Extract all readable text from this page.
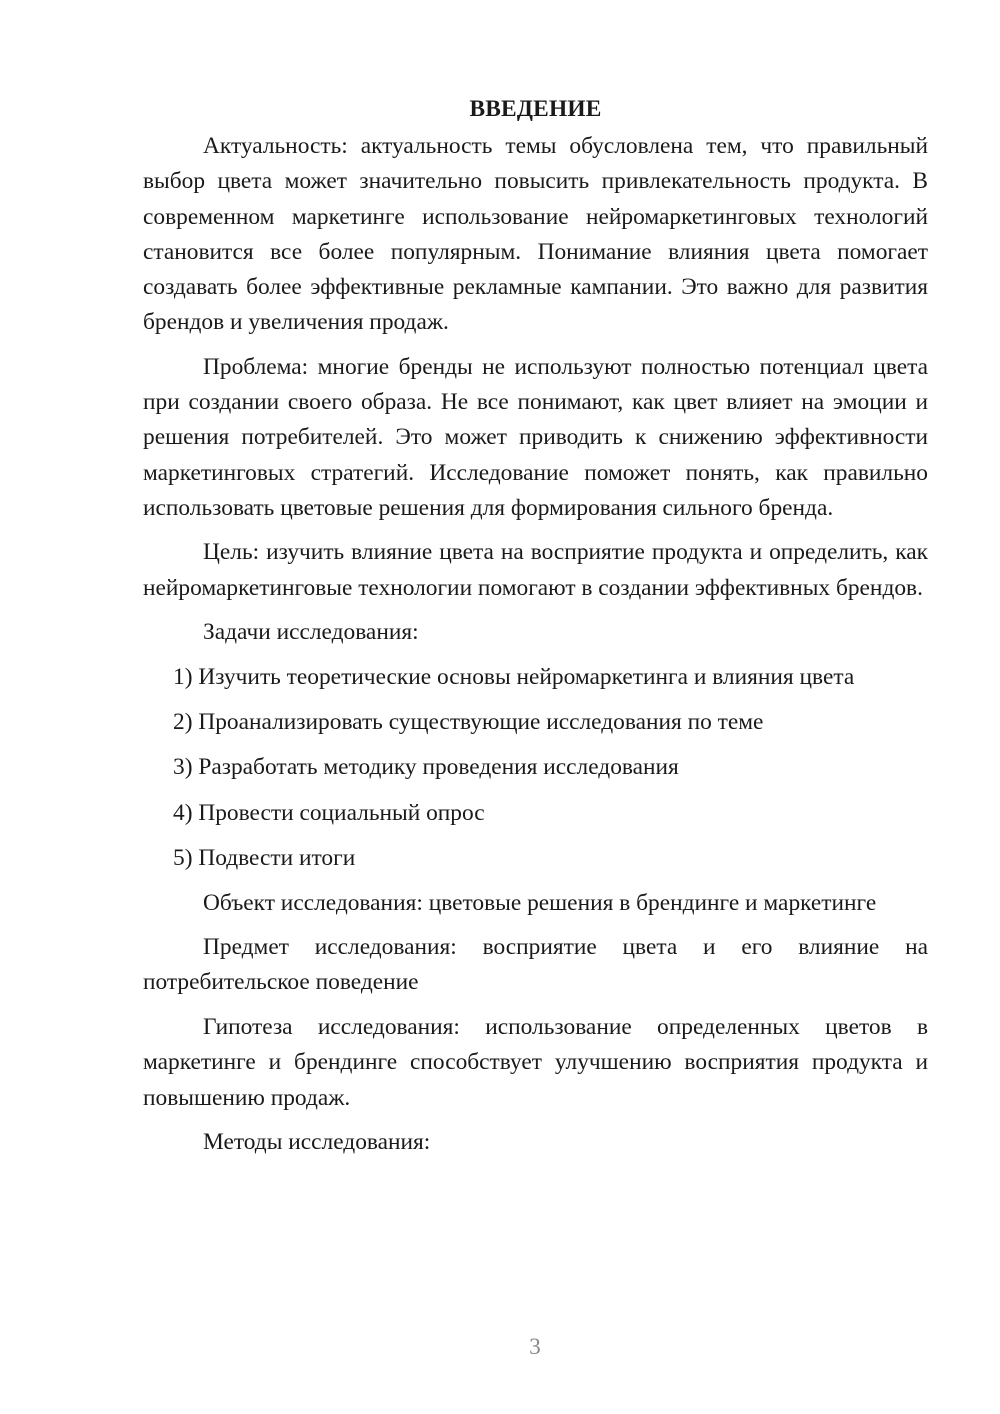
ВВЕДЕНИЕ

Актуальность: актуальность темы обусловлена тем, что правильный выбор цвета может значительно повысить привлекательность продукта. В современном маркетинге использование нейромаркетинговых технологий становится все более популярным. Понимание влияния цвета помогает создавать более эффективные рекламные кампании. Это важно для развития брендов и увеличения продаж.

Проблема: многие бренды не используют полностью потенциал цвета при создании своего образа. Не все понимают, как цвет влияет на эмоции и решения потребителей. Это может приводить к снижению эффективности маркетинговых стратегий. Исследование поможет понять, как правильно использовать цветовые решения для формирования сильного бренда.

Цель: изучить влияние цвета на восприятие продукта и определить, как нейромаркетинговые технологии помогают в создании эффективных брендов.

Задачи исследования:

1) Изучить теоретические основы нейромаркетинга и влияния цвета
2) Проанализировать существующие исследования по теме
3) Разработать методику проведения исследования
4) Провести социальный опрос
5) Подвести итоги

Объект исследования: цветовые решения в брендинге и маркетинге

Предмет исследования: восприятие цвета и его влияние на потребительское поведение

Гипотеза исследования: использование определенных цветов в маркетинге и брендинге способствует улучшению восприятия продукта и повышению продаж.

Методы исследования:

3
